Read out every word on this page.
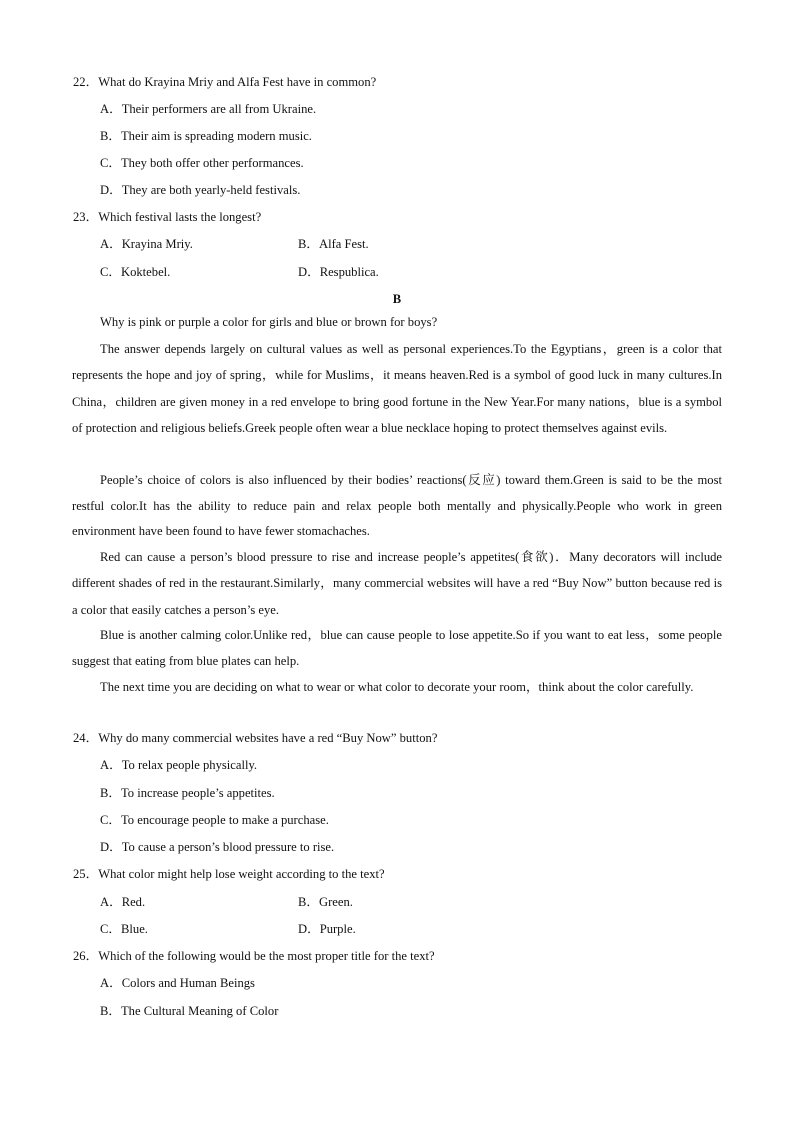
22．What do Krayina Mriy and Alfa Fest have in common?
A．Their performers are all from Ukraine.
B．Their aim is spreading modern music.
C．They both offer other performances.
D．They are both yearly-held festivals.
23．Which festival lasts the longest?
A．Krayina Mriy.	B．Alfa Fest.
C．Koktebel.	D．Respublica.
B
Why is pink or purple a color for girls and blue or brown for boys?
The answer depends largely on cultural values as well as personal experiences.To the Egyptians，green is a color that represents the hope and joy of spring，while for Muslims，it means heaven.Red is a symbol of good luck in many cultures.In China，children are given money in a red envelope to bring good fortune in the New Year.For many nations，blue is a symbol of protection and religious beliefs.Greek people often wear a blue necklace hoping to protect themselves against evils.
People’s choice of colors is also influenced by their bodies’ reactions(反应) toward them.Green is said to be the most restful color.It has the ability to reduce pain and relax people both mentally and physically.People who work in green environment have been found to have fewer stomachaches.
Red can cause a person’s blood pressure to rise and increase people’s appetites(食欲)．Many decorators will include different shades of red in the restaurant.Similarly，many commercial websites will have a red “Buy Now” button because red is a color that easily catches a person’s eye.
Blue is another calming color.Unlike red，blue can cause people to lose appetite.So if you want to eat less，some people suggest that eating from blue plates can help.
The next time you are deciding on what to wear or what color to decorate your room，think about the color carefully.
24．Why do many commercial websites have a red “Buy Now” button?
A．To relax people physically.
B．To increase people’s appetites.
C．To encourage people to make a purchase.
D．To cause a person’s blood pressure to rise.
25．What color might help lose weight according to the text?
A．Red.	B．Green.
C．Blue.	D．Purple.
26．Which of the following would be the most proper title for the text?
A．Colors and Human Beings
B．The Cultural Meaning of Color
